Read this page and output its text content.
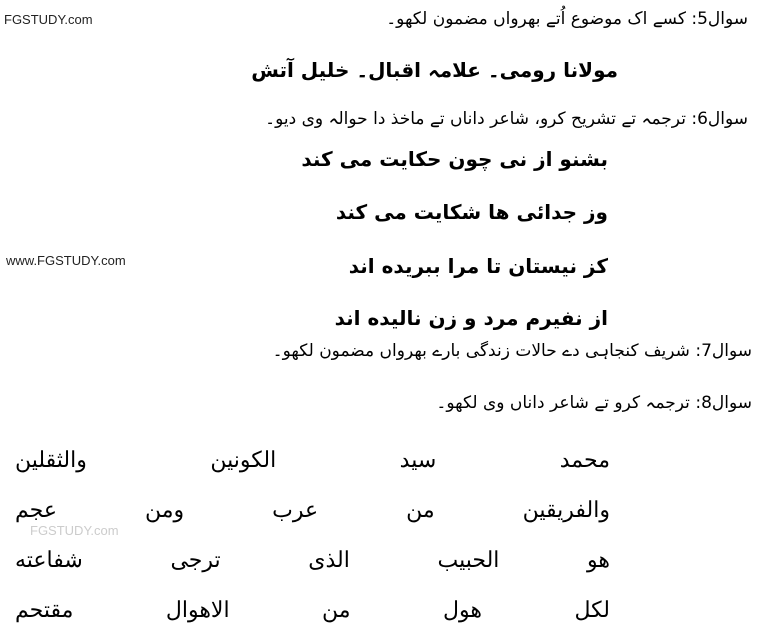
FGSTUDY.com
www.FGSTUDY.com
FGSTUDY.com
سوال5: کسے اک موضوع اُتے بھرواں مضمون لکھو۔
مولانا رومی۔ علامہ اقبال۔ خلیل آتش
سوال6: ترجمہ تے تشریح کرو، شاعر داناں تے ماخذ دا حوالہ وی دیو۔
بشنو از نی چون حکایت می کند
وز جدائی ها شکایت می کند
کز نیستان تا مرا ببریده اند
از نفیرم مرد و زن نالیده اند
سوال7: شریف کنجاہی دے حالات زندگی بارے بھرواں مضمون لکھو۔
سوال8: ترجمہ کرو تے شاعر داناں وی لکھو۔
محمد سيد الكونين والثقلين
والفريقين من عرب ومن عجم
هو الحبيب الذى ترجى شفاعته
لكل هول من الاهوال مقتحم
